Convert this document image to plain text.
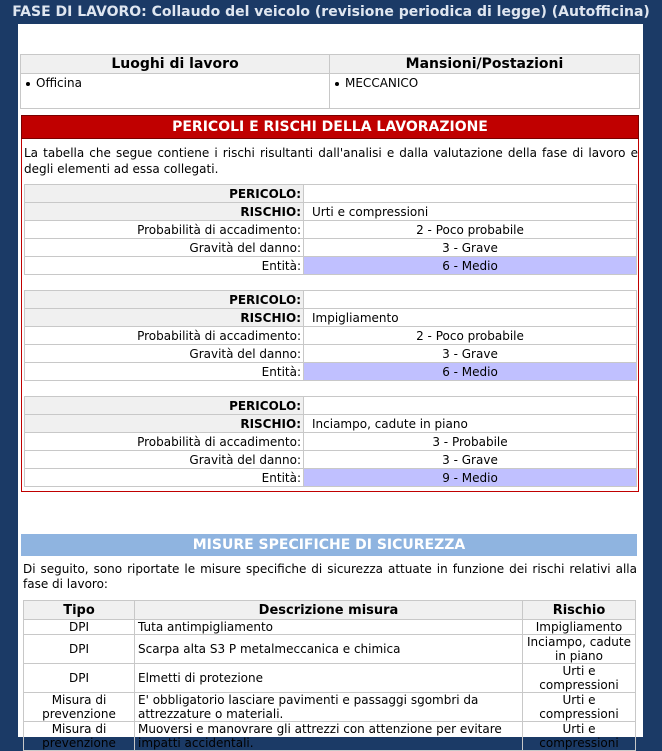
FASE DI LAVORO: Collaudo del veicolo (revisione periodica di legge) (Autofficina)
Luoghi di lavoro	Mansioni/Postazioni
Officina	MECCANICO
PERICOLI E RISCHI DELLA LAVORAZIONE
La tabella che segue contiene i rischi risultanti dall'analisi e dalla valutazione della fase di lavoro e degli elementi ad essa collegati.
PERICOLO:	
RISCHIO:	Urti e compressioni
Probabilità di accadimento:	2 - Poco probabile
Gravità del danno:	3 - Grave
Entità:	6 - Medio
PERICOLO:	
RISCHIO:	Impigliamento
Probabilità di accadimento:	2 - Poco probabile
Gravità del danno:	3 - Grave
Entità:	6 - Medio
PERICOLO:	
RISCHIO:	Inciampo, cadute in piano
Probabilità di accadimento:	3 - Probabile
Gravità del danno:	3 - Grave
Entità:	9 - Medio
MISURE SPECIFICHE DI SICUREZZA
Di seguito, sono riportate le misure specifiche di sicurezza attuate in funzione dei rischi relativi alla fase di lavoro:
Tipo	Descrizione misura	Rischio
DPI	Tuta antimpigliamento	Impigliamento
DPI	Scarpa alta S3 P metalmeccanica e chimica	Inciampo, cadute in piano
DPI	Elmetti di protezione	Urti e compressioni
Misura di prevenzione	E' obbligatorio lasciare pavimenti e passaggi sgombri da attrezzature o materiali.	Urti e compressioni
Misura di prevenzione	Muoversi e manovrare gli attrezzi con attenzione per evitare impatti accidentali.	Urti e compressioni
